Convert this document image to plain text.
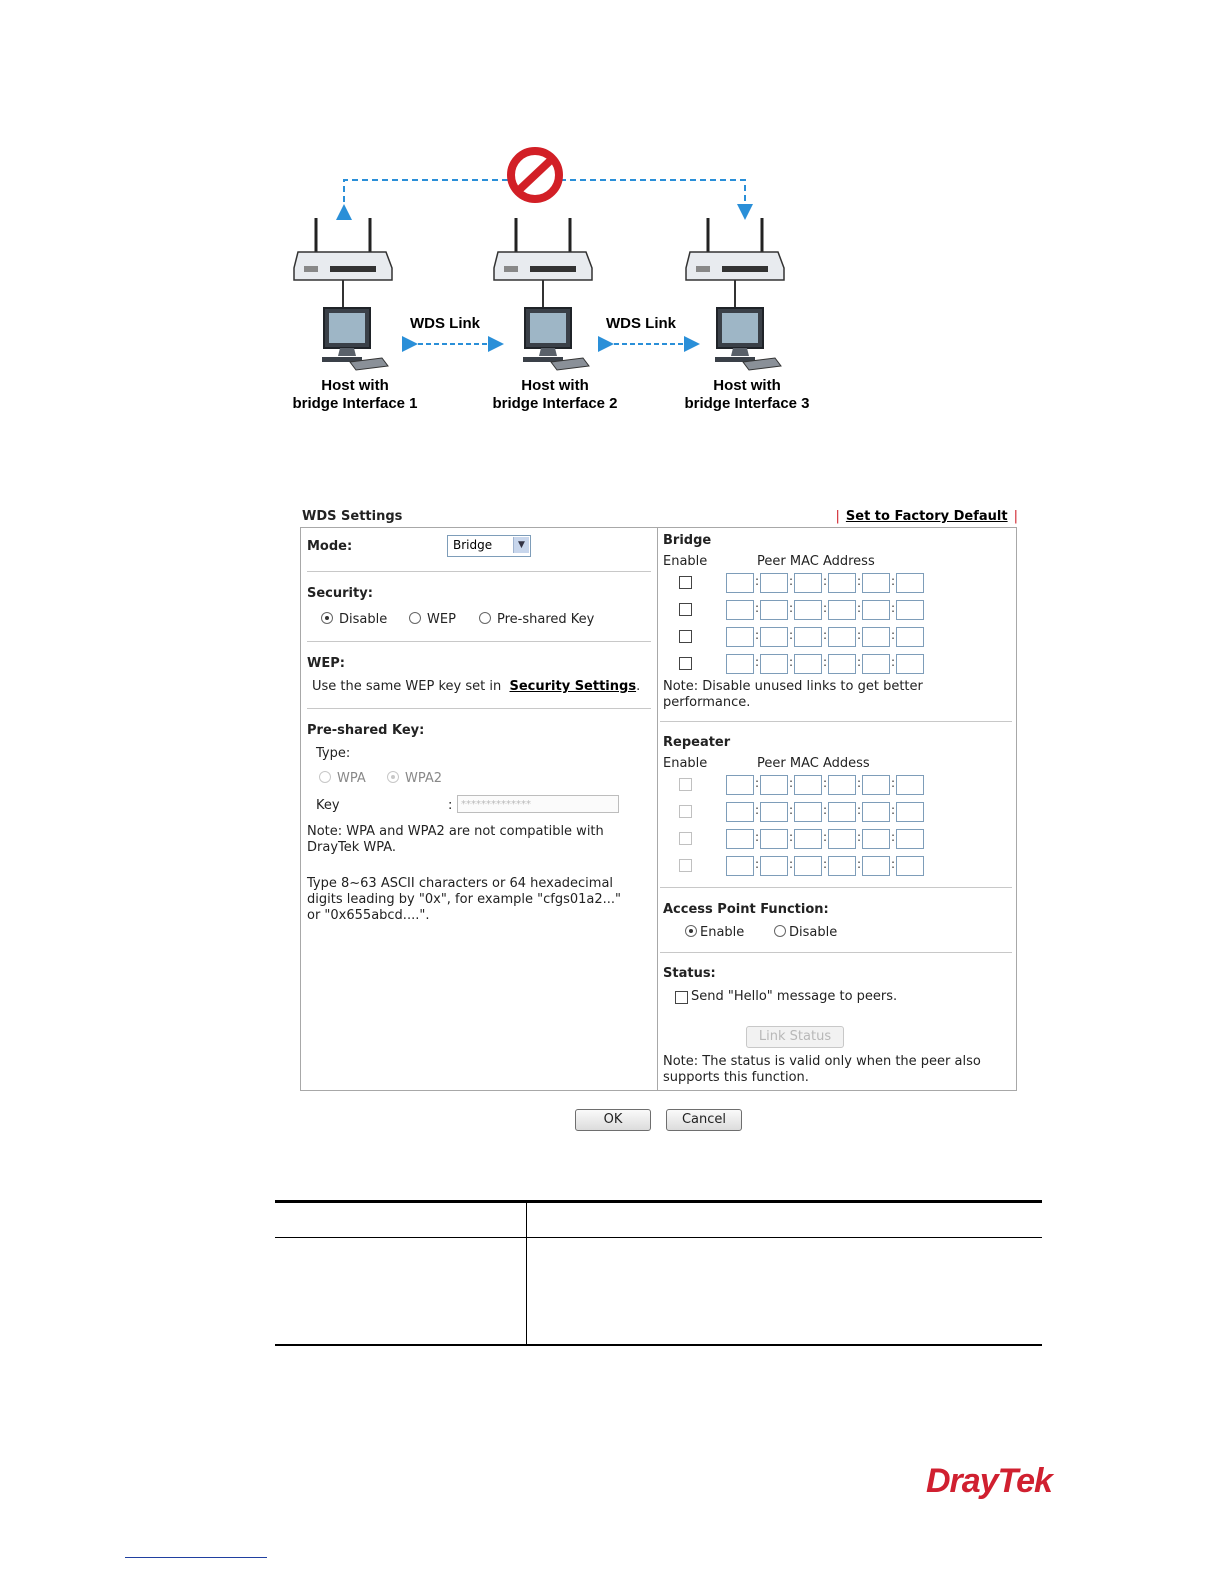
WDS Link	WDS Link
Host with
bridge Interface 1
Host with
bridge Interface 2
Host with
bridge Interface 3
WDS Settings	| Set to Factory Default |
Mode:	Bridge	▼
Security:
Disable	WEP	Pre-shared Key
WEP:
Use the same WEP key set in Security Settings.
Pre-shared Key:
Type:
WPA	WPA2
Key	: **************
Note: WPA and WPA2 are not compatible with
DrayTek WPA.
Type 8~63 ASCII characters or 64 hexadecimal
digits leading by "0x", for example "cfgs01a2..."
or "0x655abcd....".
Bridge
Enable	Peer MAC Address
: : : : :
: : : : :
: : : : :
: : : : :
Note: Disable unused links to get better
performance.
Repeater
Enable	Peer MAC Addess
: : : : :
: : : : :
: : : : :
: : : : :
Access Point Function:
Enable	Disable
Status:
Send "Hello" message to peers.
Link Status
Note: The status is valid only when the peer also
supports this function.
OK	Cancel
DrayTek
